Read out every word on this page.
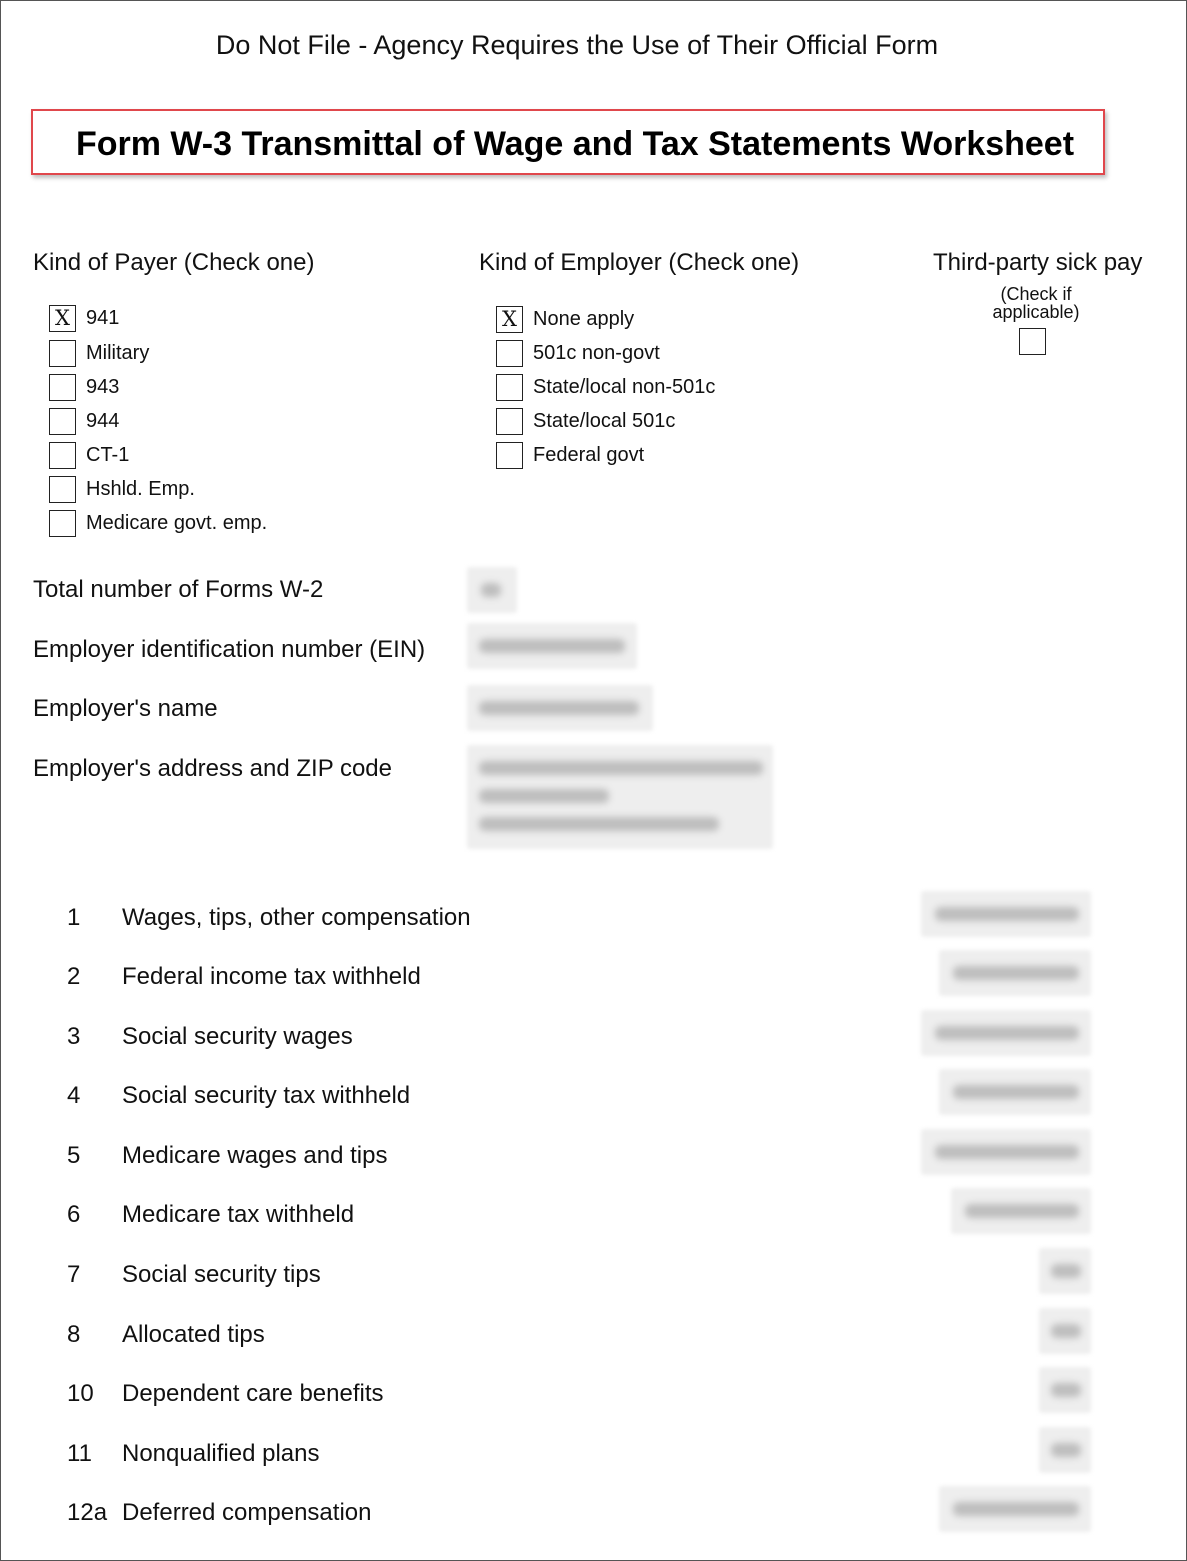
Do Not File - Agency Requires the Use of Their Official Form
Form W-3 Transmittal of Wage and Tax Statements Worksheet
Kind of Payer (Check one)
X 941
Military
943
944
CT-1
Hshld. Emp.
Medicare govt. emp.
Kind of Employer (Check one)
X None apply
501c non-govt
State/local non-501c
State/local 501c
Federal govt
Third-party sick pay
(Check if
applicable)
Total number of Forms W-2
Employer identification number (EIN)
Employer's name
Employer's address and ZIP code
1 Wages, tips, other compensation
2 Federal income tax withheld
3 Social security wages
4 Social security tax withheld
5 Medicare wages and tips
6 Medicare tax withheld
7 Social security tips
8 Allocated tips
10 Dependent care benefits
11 Nonqualified plans
12a Deferred compensation
